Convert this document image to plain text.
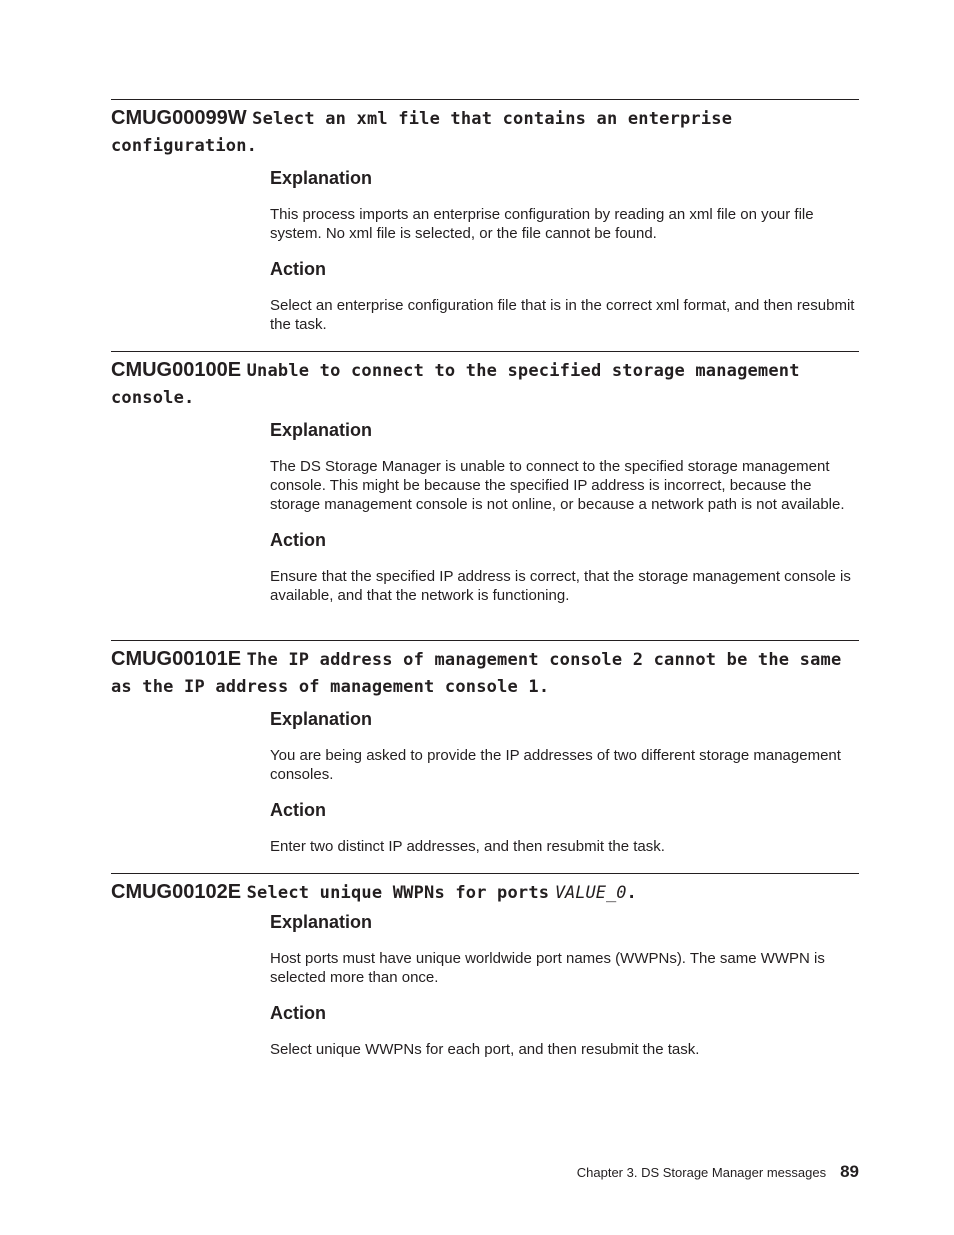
CMUG00099W Select an xml file that contains an enterprise configuration.
Explanation

This process imports an enterprise configuration by reading an xml file on your file system. No xml file is selected, or the file cannot be found.

Action

Select an enterprise configuration file that is in the correct xml format, and then resubmit the task.

CMUG00100E Unable to connect to the specified storage management console.
Explanation

The DS Storage Manager is unable to connect to the specified storage management console. This might be because the specified IP address is incorrect, because the storage management console is not online, or because a network path is not available.

Action

Ensure that the specified IP address is correct, that the storage management console is available, and that the network is functioning.

CMUG00101E The IP address of management console 2 cannot be the same as the IP address of management console 1.
Explanation

You are being asked to provide the IP addresses of two different storage management consoles.

Action

Enter two distinct IP addresses, and then resubmit the task.

CMUG00102E Select unique WWPNs for ports VALUE_0.
Explanation

Host ports must have unique worldwide port names (WWPNs). The same WWPN is selected more than once.

Action

Select unique WWPNs for each port, and then resubmit the task.

Chapter 3. DS Storage Manager messages 89
